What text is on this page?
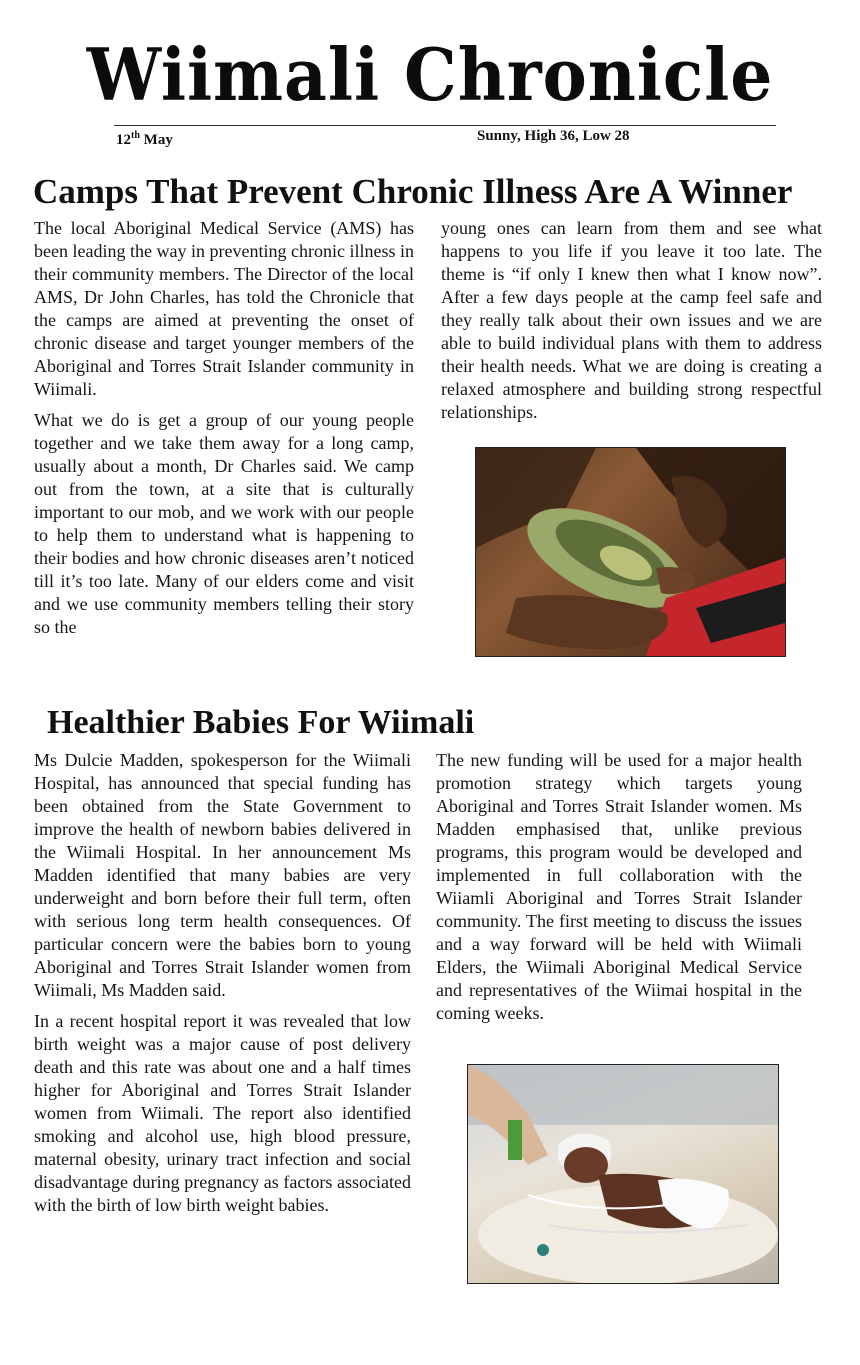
Wiimali Chronicle
12th May	Sunny, High 36, Low 28
Camps That Prevent Chronic Illness Are A Winner

The local Aboriginal Medical Service (AMS) has been leading the way in preventing chronic illness in their community members. The Director of the local AMS, Dr John Charles, has told the Chronicle that the camps are aimed at preventing the onset of chronic disease and target younger members of the Aboriginal and Torres Strait Islander community in Wiimali.

What we do is get a group of our young people together and we take them away for a long camp, usually about a month, Dr Charles said. We camp out from the town, at a site that is culturally important to our mob, and we work with our people to help them to understand what is happening to their bodies and how chronic diseases aren’t noticed till it’s too late. Many of our elders come and visit and we use community members telling their story so the

young ones can learn from them and see what happens to you life if you leave it too late. The theme is “if only I knew then what I know now”. After a few days people at the camp feel safe and they really talk about their own issues and we are able to build individual plans with them to address their health needs. What we are doing is creating a relaxed atmosphere and building strong respectful relationships.

Healthier Babies For Wiimali

Ms Dulcie Madden, spokesperson for the Wiimali Hospital, has announced that special funding has been obtained from the State Government to improve the health of newborn babies delivered in the Wiimali Hospital. In her announcement Ms Madden identified that many babies are very underweight and born before their full term, often with serious long term health consequences. Of particular concern were the babies born to young Aboriginal and Torres Strait Islander women from Wiimali, Ms Madden said.

In a recent hospital report it was revealed that low birth weight was a major cause of post delivery death and this rate was about one and a half times higher for Aboriginal and Torres Strait Islander women from Wiimali. The report also identified smoking and alcohol use, high blood pressure, maternal obesity, urinary tract infection and social disadvantage during pregnancy as factors associated with the birth of low birth weight babies.

The new funding will be used for a major health promotion strategy which targets young Aboriginal and Torres Strait Islander women. Ms Madden emphasised that, unlike previous programs, this program would be developed and implemented in full collaboration with the Wiiamli Aboriginal and Torres Strait Islander community. The first meeting to discuss the issues and a way forward will be held with Wiimali Elders, the Wiimali Aboriginal Medical Service and representatives of the Wiimai hospital in the coming weeks.
